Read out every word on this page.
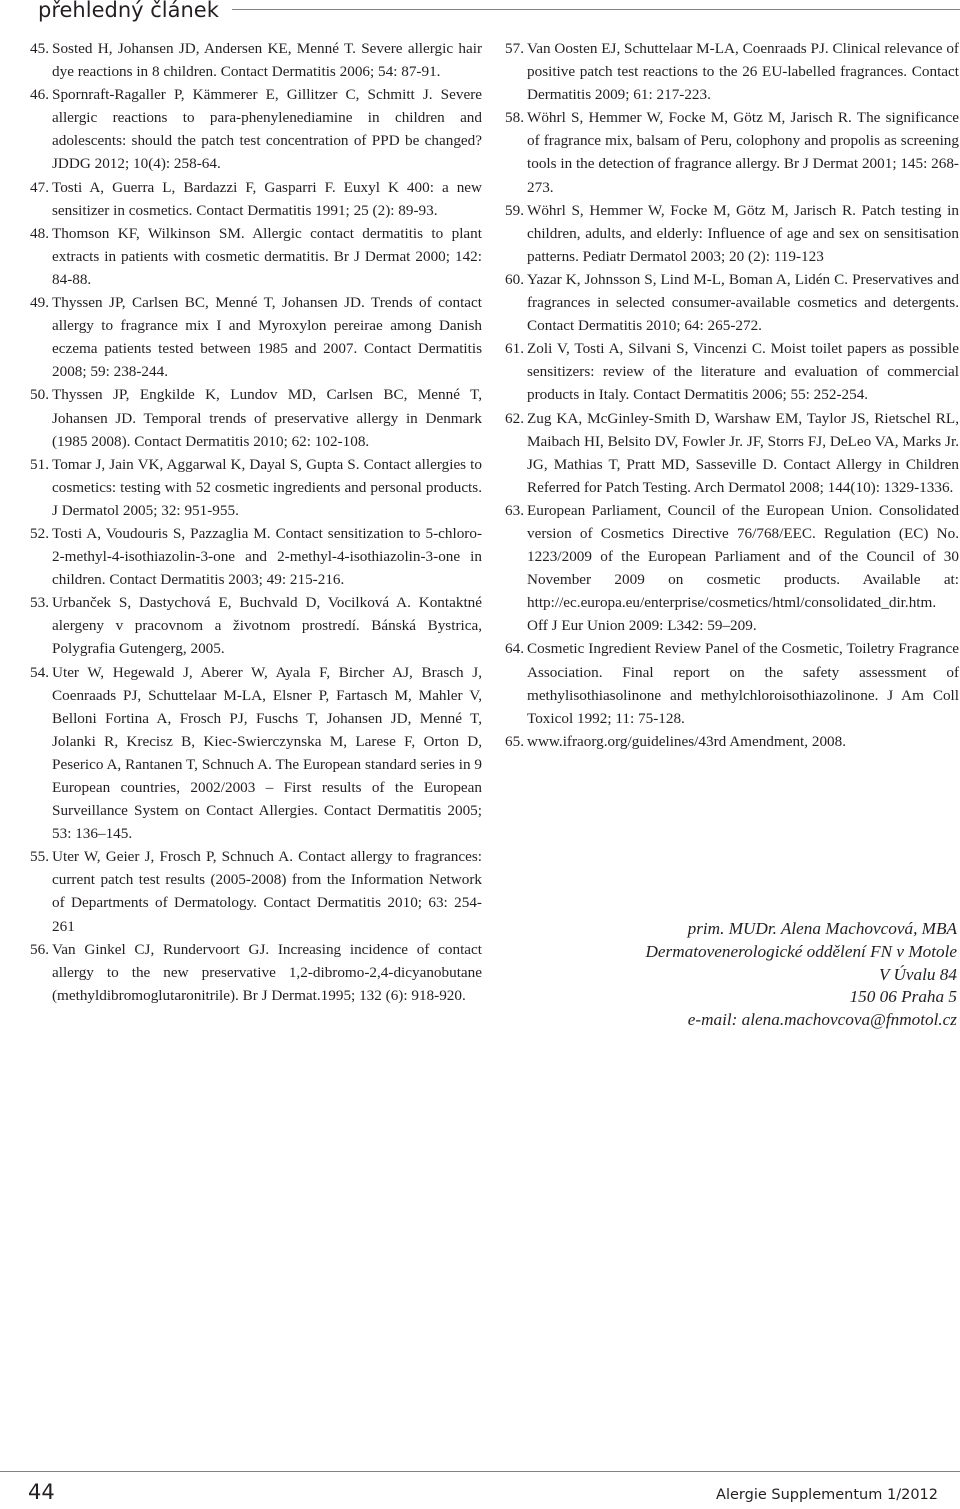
přehledný článek
45. Sosted H, Johansen JD, Andersen KE, Menné T. Severe allergic hair dye reactions in 8 children. Contact Dermatitis 2006; 54: 87-91.
46. Spornraft-Ragaller P, Kämmerer E, Gillitzer C, Schmitt J. Severe allergic reactions to para-phenylenediamine in children and adolescents: should the patch test concentration of PPD be changed? JDDG 2012; 10(4): 258-64.
47. Tosti A, Guerra L, Bardazzi F, Gasparri F. Euxyl K 400: a new sensitizer in cosmetics. Contact Dermatitis 1991; 25 (2): 89-93.
48. Thomson KF, Wilkinson SM. Allergic contact dermatitis to plant extracts in patients with cosmetic dermatitis. Br J Dermat 2000; 142: 84-88.
49. Thyssen JP, Carlsen BC, Menné T, Johansen JD. Trends of contact allergy to fragrance mix I and Myroxylon pereirae among Danish eczema patients tested between 1985 and 2007. Contact Dermatitis 2008; 59: 238-244.
50. Thyssen JP, Engkilde K, Lundov MD, Carlsen BC, Menné T, Johansen JD. Temporal trends of preservative allergy in Denmark (1985 2008). Contact Dermatitis 2010; 62: 102-108.
51. Tomar J, Jain VK, Aggarwal K, Dayal S, Gupta S. Contact allergies to cosmetics: testing with 52 cosmetic ingredients and personal products. J Dermatol 2005; 32: 951-955.
52. Tosti A, Voudouris S, Pazzaglia M. Contact sensitization to 5-chloro-2-methyl-4-isothiazolin-3-one and 2-methyl-4-isothiazolin-3-one in children. Contact Dermatitis 2003; 49: 215-216.
53. Urbanček S, Dastychová E, Buchvald D, Vocilková A. Kontaktné alergeny v pracovnom a životnom prostredí. Bánská Bystrica, Polygrafia Gutengerg, 2005.
54. Uter W, Hegewald J, Aberer W, Ayala F, Bircher AJ, Brasch J, Coenraads PJ, Schuttelaar M-LA, Elsner P, Fartasch M, Mahler V, Belloni Fortina A, Frosch PJ, Fuschs T, Johansen JD, Menné T, Jolanki R, Krecisz B, Kiec-Swierczynska M, Larese F, Orton D, Peserico A, Rantanen T, Schnuch A. The European standard series in 9 European countries, 2002/2003 – First results of the European Surveillance System on Contact Allergies. Contact Dermatitis 2005; 53: 136–145.
55. Uter W, Geier J, Frosch P, Schnuch A. Contact allergy to fragrances: current patch test results (2005-2008) from the Information Network of Departments of Dermatology. Contact Dermatitis 2010; 63: 254-261
56. Van Ginkel CJ, Rundervoort GJ. Increasing incidence of contact allergy to the new preservative 1,2-dibromo-2,4-dicyanobutane (methyldibromoglutaronitrile). Br J Dermat.1995; 132 (6): 918-920.
57. Van Oosten EJ, Schuttelaar M-LA, Coenraads PJ. Clinical relevance of positive patch test reactions to the 26 EU-labelled fragrances. Contact Dermatitis 2009; 61: 217-223.
58. Wöhrl S, Hemmer W, Focke M, Götz M, Jarisch R. The significance of fragrance mix, balsam of Peru, colophony and propolis as screening tools in the detection of fragrance allergy. Br J Dermat 2001; 145: 268-273.
59. Wöhrl S, Hemmer W, Focke M, Götz M, Jarisch R. Patch testing in children, adults, and elderly: Influence of age and sex on sensitisation patterns. Pediatr Dermatol 2003; 20 (2): 119-123
60. Yazar K, Johnsson S, Lind M-L, Boman A, Lidén C. Preservatives and fragrances in selected consumer-available cosmetics and detergents. Contact Dermatitis 2010; 64: 265-272.
61. Zoli V, Tosti A, Silvani S, Vincenzi C. Moist toilet papers as possible sensitizers: review of the literature and evaluation of commercial products in Italy. Contact Dermatitis 2006; 55: 252-254.
62. Zug KA, McGinley-Smith D, Warshaw EM, Taylor JS, Rietschel RL, Maibach HI, Belsito DV, Fowler Jr. JF, Storrs FJ, DeLeo VA, Marks Jr. JG, Mathias T, Pratt MD, Sasseville D. Contact Allergy in Children Referred for Patch Testing. Arch Dermatol 2008; 144(10): 1329-1336.
63. European Parliament, Council of the European Union. Consolidated version of Cosmetics Directive 76/768/EEC. Regulation (EC) No. 1223/2009 of the European Parliament and of the Council of 30 November 2009 on cosmetic products. Available at: http://ec.europa.eu/enterprise/cosmetics/html/consolidated_dir.htm. Off J Eur Union 2009: L342: 59–209.
64. Cosmetic Ingredient Review Panel of the Cosmetic, Toiletry Fragrance Association. Final report on the safety assessment of methylisothiasolinone and methylchloroisothiazolinone. J Am Coll Toxicol 1992; 11: 75-128.
65. www.ifraorg.org/guidelines/43rd Amendment, 2008.
prim. MUDr. Alena Machovcová, MBA
Dermatovenerologické oddělení FN v Motole
V Úvalu 84
150 06 Praha 5
e-mail: alena.machovcova@fnmotol.cz
44	Alergie Supplementum 1/2012
